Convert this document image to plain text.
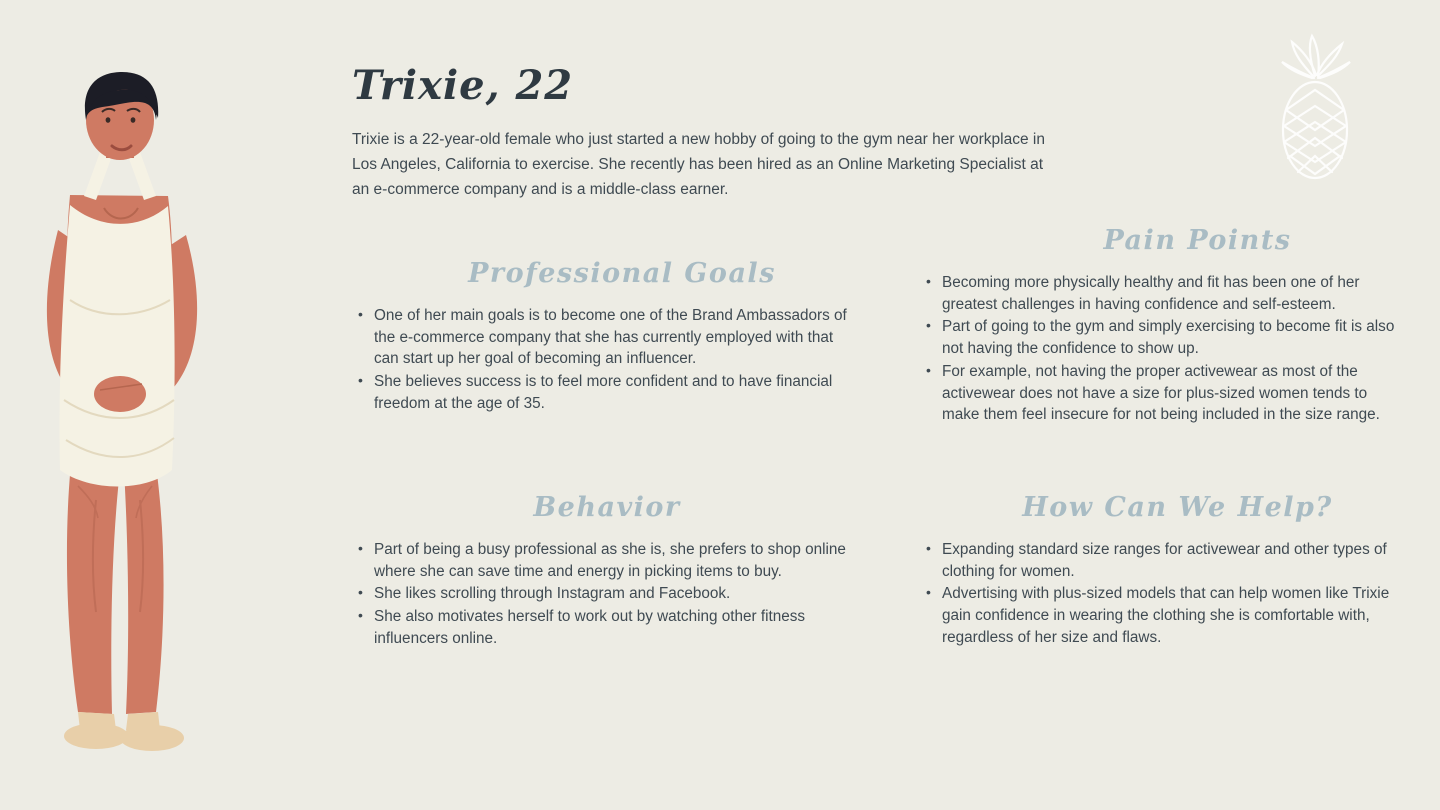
Trixie, 22
Trixie is a 22-year-old female who just started a new hobby of going to the gym near her workplace in Los Angeles, California to exercise. She recently has been hired as an Online Marketing Specialist at an e-commerce company and is a middle-class earner.
Professional Goals
• One of her main goals is to become one of the Brand Ambassadors of the e-commerce company that she has currently employed with that can start up her goal of becoming an influencer.
• She believes success is to feel more confident and to have financial freedom at the age of 35.
Pain Points
• Becoming more physically healthy and fit has been one of her greatest challenges in having confidence and self-esteem.
• Part of going to the gym and simply exercising to become fit is also not having the confidence to show up.
• For example, not having the proper activewear as most of the activewear does not have a size for plus-sized women tends to make them feel insecure for not being included in the size range.
Behavior
• Part of being a busy professional as she is, she prefers to shop online where she can save time and energy in picking items to buy.
• She likes scrolling through Instagram and Facebook.
• She also motivates herself to work out by watching other fitness influencers online.
How Can We Help?
• Expanding standard size ranges for activewear and other types of clothing for women.
• Advertising with plus-sized models that can help women like Trixie gain confidence in wearing the clothing she is comfortable with, regardless of her size and flaws.
